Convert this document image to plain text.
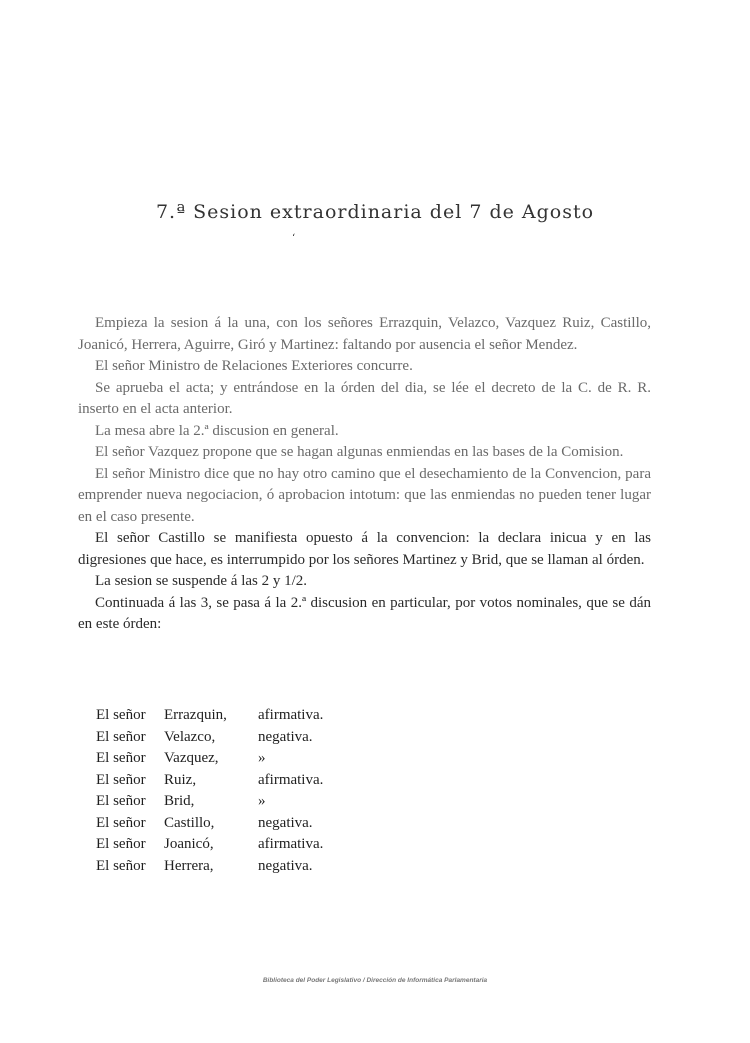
7.ª Sesion extraordinaria del 7 de Agosto
‘

Empieza la sesion á la una, con los señores Errazquin, Velazco, Vazquez Ruiz, Castillo, Joanicó, Herrera, Aguirre, Giró y Martinez: faltando por ausencia el señor Mendez.

El señor Ministro de Relaciones Exteriores concurre.

Se aprueba el acta; y entrándose en la órden del dia, se lée el decreto de la C. de R. R. inserto en el acta anterior.

La mesa abre la 2.ª discusion en general.

El señor Vazquez propone que se hagan algunas enmiendas en las bases de la Comision.

El señor Ministro dice que no hay otro camino que el desechamiento de la Convencion, para emprender nueva negociacion, ó aprobacion intotum: que las enmiendas no pueden tener lugar en el caso presente.

El señor Castillo se manifiesta opuesto á la convencion: la declara inicua y en las digresiones que hace, es interrumpido por los señores Martinez y Brid, que se llaman al órden.

La sesion se suspende á las 2 y 1/2.

Continuada á las 3, se pasa á la 2.ª discusion en particular, por votos nominales, que se dán en este órden:

El señor	Errazquin,	afirmativa.
El señor	Velazco,	negativa.
El señor	Vazquez,	»
El señor	Ruiz,	afirmativa.
El señor	Brid,	»
El señor	Castillo,	negativa.
El señor	Joanicó,	afirmativa.
El señor	Herrera,	negativa.
Biblioteca del Poder Legislativo / Dirección de Informática Parlamentaria
